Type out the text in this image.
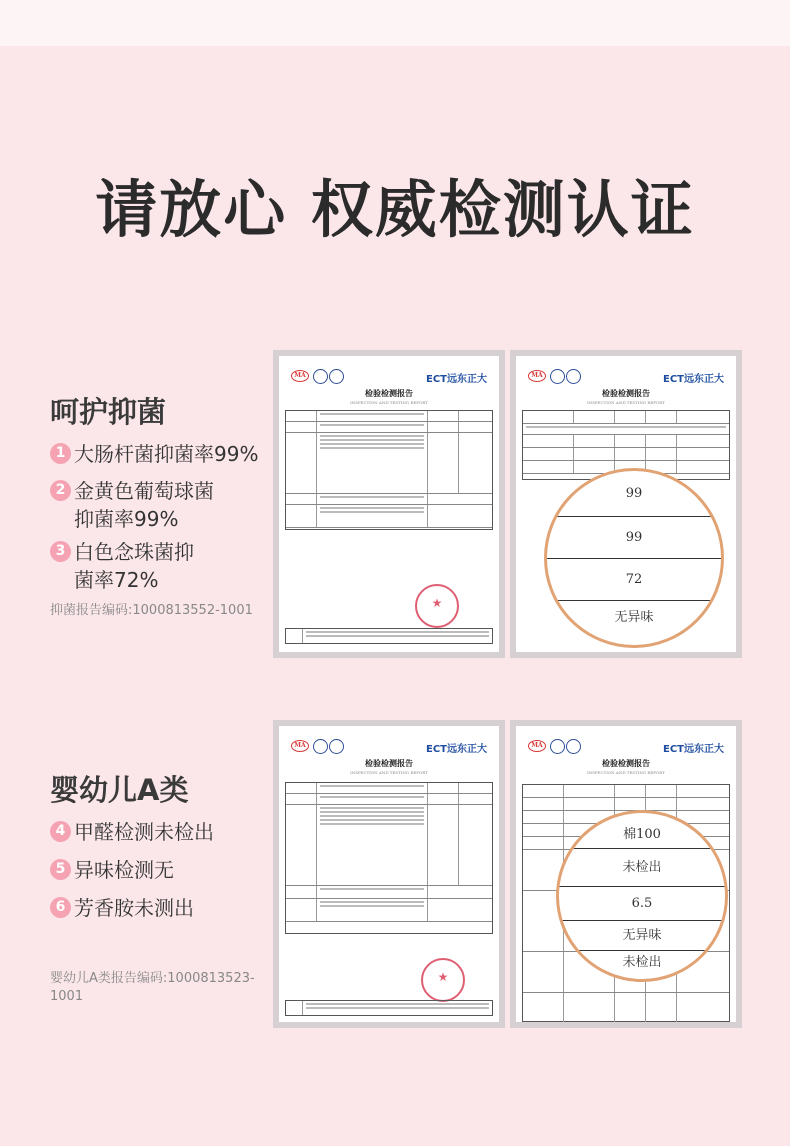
请放心 权威检测认证
呵护抑菌
1 大肠杆菌抑菌率99%
2 金黄色葡萄球菌抑菌率99%
3 白色念珠菌抑菌率72%
抑菌报告编码:1000813552-1001
婴幼儿A类
4 甲醛检测未检出
5 异味检测无
6 芳香胺未测出
婴幼儿A类报告编码:1000813523-1001
MA	ECT远东正大
检验检测报告
INSPECTION AND TESTING REPORT
★
MA	ECT远东正大
检验检测报告
INSPECTION AND TESTING REPORT
99
99
72
无异味
MA	ECT远东正大
检验检测报告
INSPECTION AND TESTING REPORT
★
MA	ECT远东正大
检验检测报告
INSPECTION AND TESTING REPORT
棉100
未检出
6.5
无异味
未检出
